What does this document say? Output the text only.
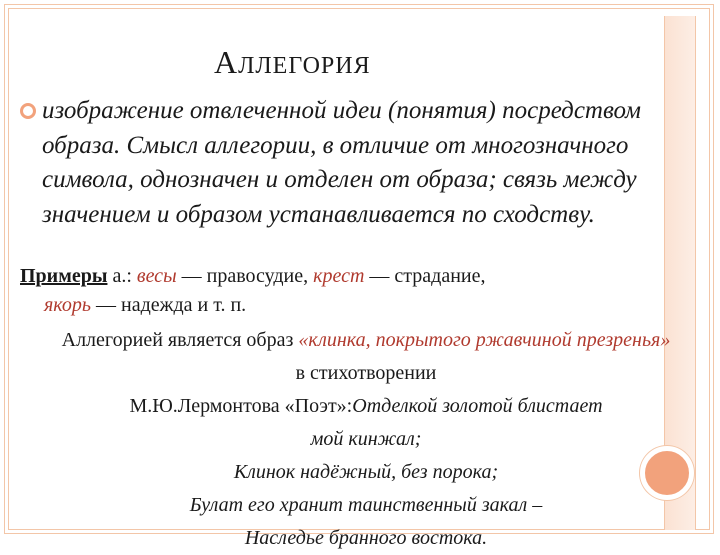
АЛЛЕГОРИЯ
изображение отвлеченной идеи (понятия) посредством образа. Смысл аллегории, в отличие от многозначного символа, однозначен и отделен от образа; связь между значением и образом устанавливается по сходству.
Примеры а.: весы — правосудие, крест — страдание,
якорь — надежда и т. п.
Аллегорией является образ «клинка, покрытого ржавчиной презренья» в стихотворении
М.Ю.Лермонтова «Поэт»:Отделкой золотой блистает
мой кинжал;
Клинок надёжный, без порока;
Булат его хранит таинственный закал –
Наследье бранного востока.
